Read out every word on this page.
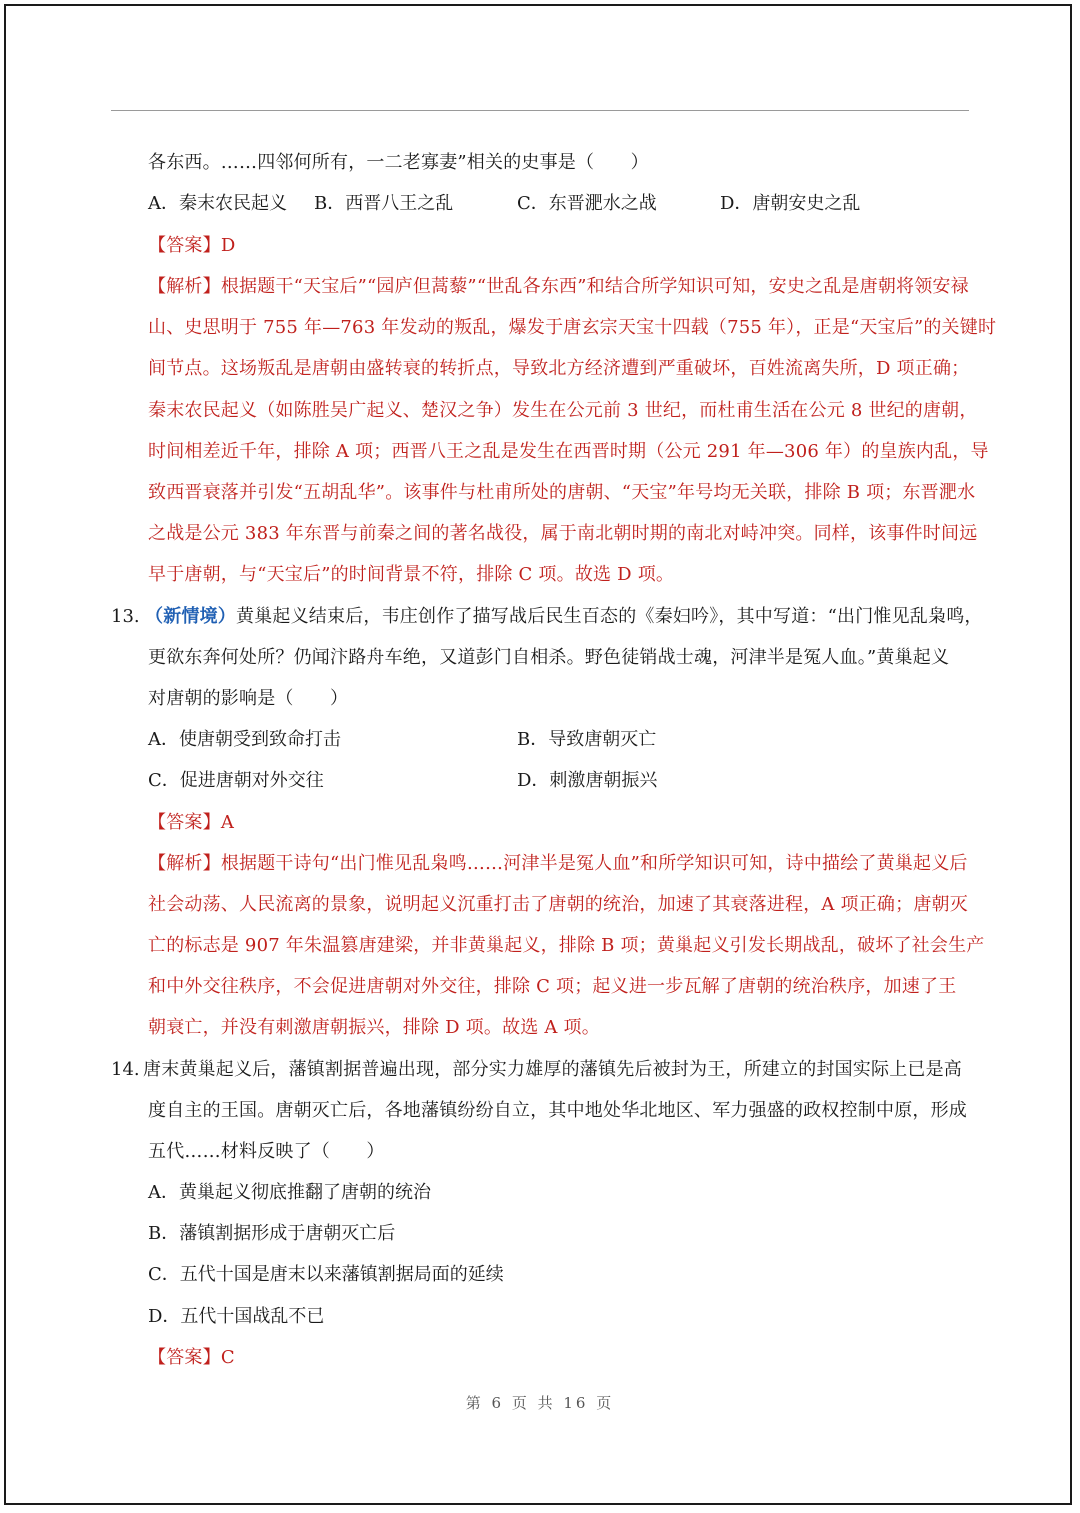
各东西。……四邻何所有，一二老寡妻”相关的史事是（　　）
A．秦末农民起义 B．西晋八王之乱	C．东晋淝水之战	D．唐朝安史之乱
【答案】D
【解析】根据题干“天宝后”“园庐但蒿藜”“世乱各东西”和结合所学知识可知，安史之乱是唐朝将领安禄
山、史思明于 755 年—763 年发动的叛乱，爆发于唐玄宗天宝十四载（755 年），正是“天宝后”的关键时
间节点。这场叛乱是唐朝由盛转衰的转折点，导致北方经济遭到严重破坏，百姓流离失所，D 项正确；
秦末农民起义（如陈胜吴广起义、楚汉之争）发生在公元前 3 世纪，而杜甫生活在公元 8 世纪的唐朝，
时间相差近千年，排除 A 项；西晋八王之乱是发生在西晋时期（公元 291 年—306 年）的皇族内乱，导
致西晋衰落并引发“五胡乱华”。该事件与杜甫所处的唐朝、“天宝”年号均无关联，排除 B 项；东晋淝水
之战是公元 383 年东晋与前秦之间的著名战役，属于南北朝时期的南北对峙冲突。同样，该事件时间远
早于唐朝，与“天宝后”的时间背景不符，排除 C 项。故选 D 项。
13. （新情境）黄巢起义结束后，韦庄创作了描写战后民生百态的《秦妇吟》，其中写道：“出门惟见乱枭鸣，
更欲东奔何处所？仍闻汴路舟车绝，又道彭门自相杀。野色徒销战士魂，河津半是冤人血。”黄巢起义
对唐朝的影响是（　　）
A．使唐朝受到致命打击	B．导致唐朝灭亡
C．促进唐朝对外交往	D．刺激唐朝振兴
【答案】A
【解析】根据题干诗句“出门惟见乱枭鸣……河津半是冤人血”和所学知识可知，诗中描绘了黄巢起义后
社会动荡、人民流离的景象，说明起义沉重打击了唐朝的统治，加速了其衰落进程，A 项正确；唐朝灭
亡的标志是 907 年朱温篡唐建梁，并非黄巢起义，排除 B 项；黄巢起义引发长期战乱，破坏了社会生产
和中外交往秩序，不会促进唐朝对外交往，排除 C 项；起义进一步瓦解了唐朝的统治秩序，加速了王
朝衰亡，并没有刺激唐朝振兴，排除 D 项。故选 A 项。
14. 唐末黄巢起义后，藩镇割据普遍出现，部分实力雄厚的藩镇先后被封为王，所建立的封国实际上已是高
度自主的王国。唐朝灭亡后，各地藩镇纷纷自立，其中地处华北地区、军力强盛的政权控制中原，形成
五代……材料反映了（　　）
A．黄巢起义彻底推翻了唐朝的统治
B．藩镇割据形成于唐朝灭亡后
C．五代十国是唐末以来藩镇割据局面的延续
D．五代十国战乱不已
【答案】C
第 6 页 共 16 页
